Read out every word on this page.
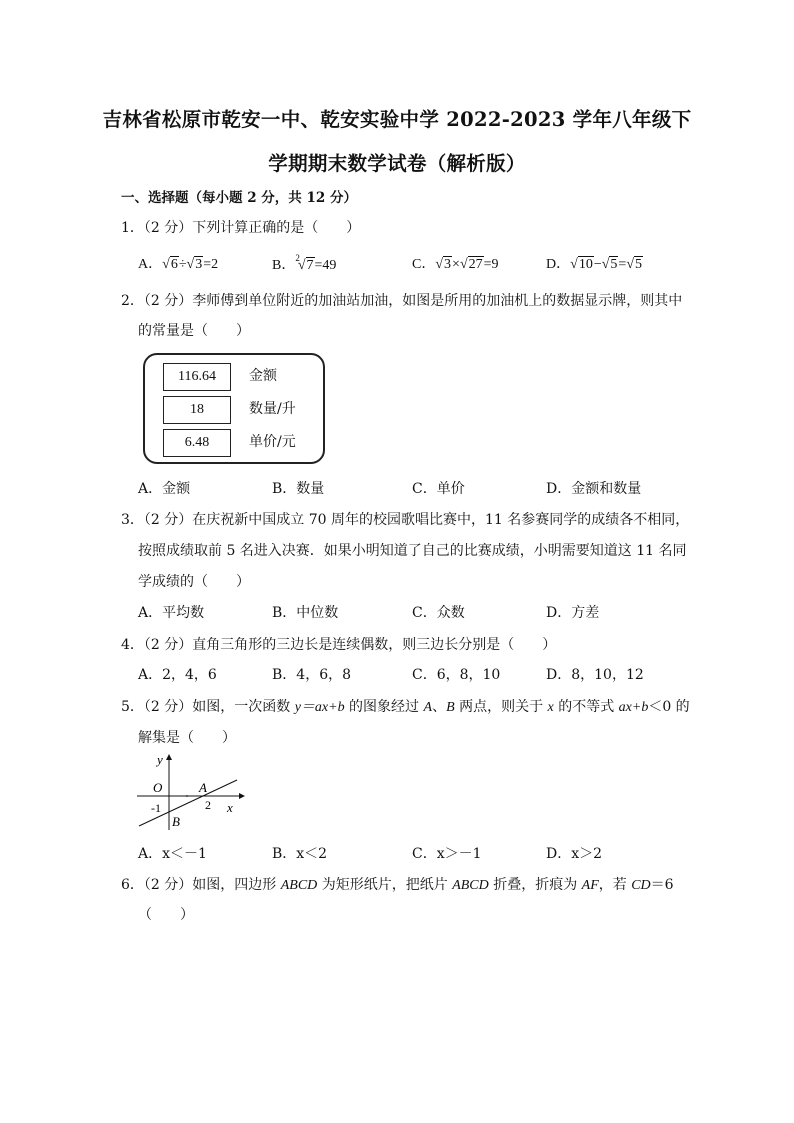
吉林省松原市乾安一中、乾安实验中学 2022-2023 学年八年级下
学期期末数学试卷（解析版）
一、选择题（每小题 2 分，共 12 分）
1．（2 分）下列计算正确的是（　　）
A．√6÷√3=2	B．$^2$√7=49	C．√3×√27=9	D．√10−√5=√5
2．（2 分）李师傅到单位附近的加油站加油，如图是所用的加油机上的数据显示牌，则其中
的常量是（　　）
116.64	金额
18	数量/升
6.48	单价/元
A．金额	B．数量	C．单价	D．金额和数量
3．（2 分）在庆祝新中国成立 70 周年的校园歌唱比赛中，11 名参赛同学的成绩各不相同，
按照成绩取前 5 名进入决赛．如果小明知道了自己的比赛成绩，小明需要知道这 11 名同
学成绩的（　　）
A．平均数	B．中位数	C．众数	D．方差
4．（2 分）直角三角形的三边长是连续偶数，则三边长分别是（　　）
A．2，4，6	B．4，6，8	C．6，8，10	D．8，10，12
5．（2 分）如图，一次函数 y＝ax+b 的图象经过 A、B 两点，则关于 x 的不等式 ax+b＜0 的
解集是（　　）
y
O
-1
A
2 x
B
A．x＜－1	B．x＜2	C．x＞－1	D．x＞2
6．（2 分）如图，四边形 ABCD 为矩形纸片，把纸片 ABCD 折叠，折痕为 AF，若 CD＝6
（　　）
